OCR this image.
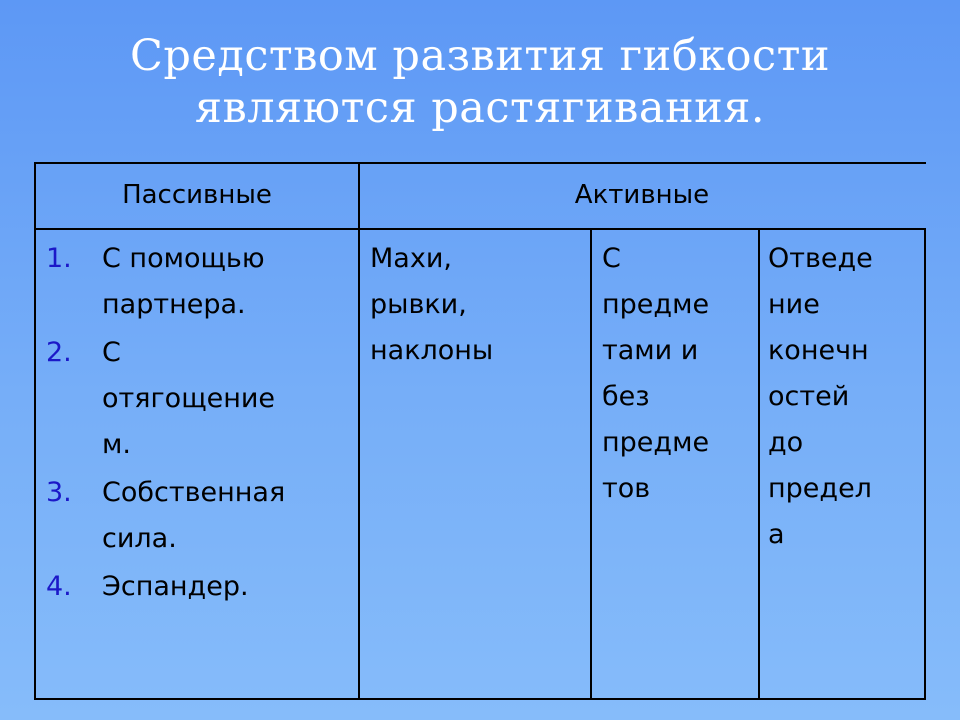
Средством развития гибкости
являются растягивания.
Пассивные	Активные
1. С помощью
партнера.
2. С
отягощение
м.
3. Собственная
сила.
4. Эспандер.
Махи,
рывки,
наклоны
С
предме
тами и
без
предме
тов
Отведе
ние
конечн
остей
до
предел
а
